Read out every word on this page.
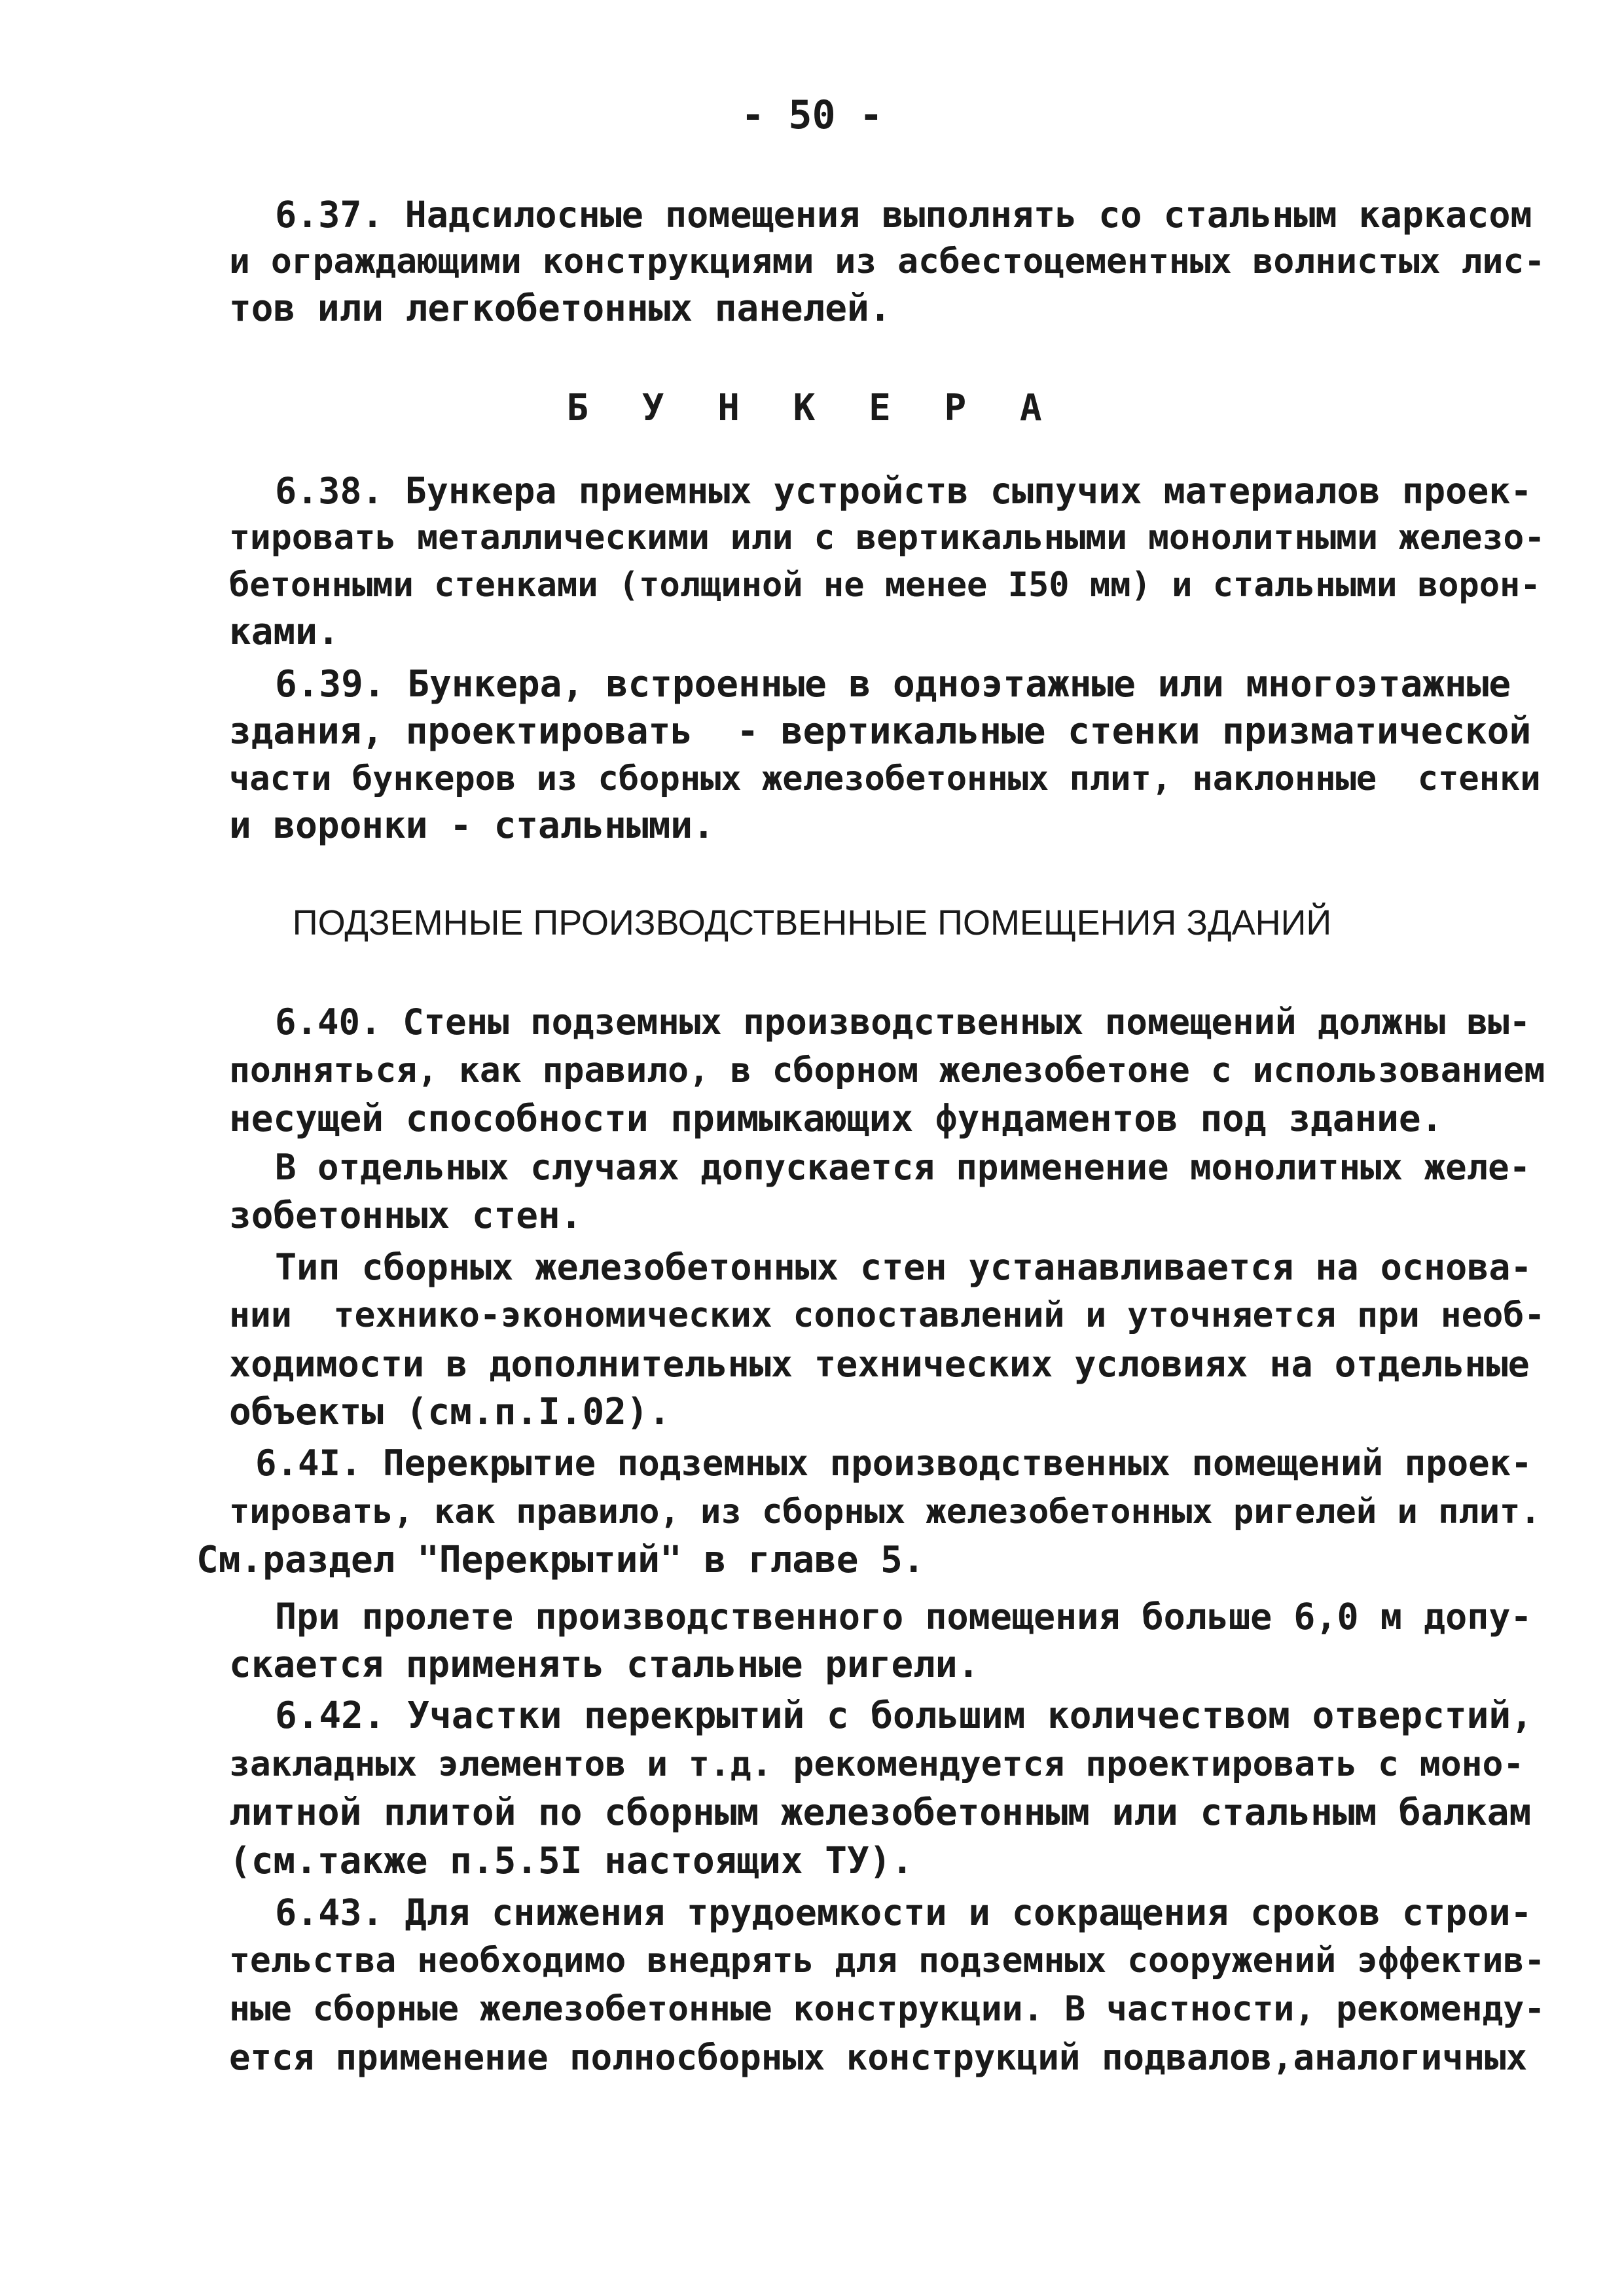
- 50 -
6.37. Надсилосные помещения выполнять со стальным каркасом
и ограждающими конструкциями из асбестоцементных волнистых лис-
тов или легкобетонных панелей.
Б У Н К Е Р А
6.38. Бункера приемных устройств сыпучих материалов проек-
тировать металлическими или с вертикальными монолитными железо-
бетонными стенками (толщиной не менее I50 мм) и стальными ворон-
ками.
6.39. Бункера, встроенные в одноэтажные или многоэтажные
здания, проектировать  - вертикальные стенки призматической
части бункеров из сборных железобетонных плит, наклонные  стенки
и воронки - стальными.
ПОДЗЕМНЫЕ ПРОИЗВОДСТВЕННЫЕ ПОМЕЩЕНИЯ ЗДАНИЙ
6.40. Стены подземных производственных помещений должны вы-
полняться, как правило, в сборном железобетоне с использованием
несущей способности примыкающих фундаментов под здание.
В отдельных случаях допускается применение монолитных желе-
зобетонных стен.
Тип сборных железобетонных стен устанавливается на основа-
нии  технико-экономических сопоставлений и уточняется при необ-
ходимости в дополнительных технических условиях на отдельные
объекты (см.п.I.02).
6.4I. Перекрытие подземных производственных помещений проек-
тировать, как правило, из сборных железобетонных ригелей и плит.
См.раздел "Перекрытий" в главе 5.
При пролете производственного помещения больше 6,0 м допу-
скается применять стальные ригели.
6.42. Участки перекрытий с большим количеством отверстий,
закладных элементов и т.д. рекомендуется проектировать с моно-
литной плитой по сборным железобетонным или стальным балкам
(см.также п.5.5I настоящих ТУ).
6.43. Для снижения трудоемкости и сокращения сроков строи-
тельства необходимо внедрять для подземных сооружений эффектив-
ные сборные железобетонные конструкции. В частности, рекоменду-
ется применение полносборных конструкций подвалов,аналогичных
